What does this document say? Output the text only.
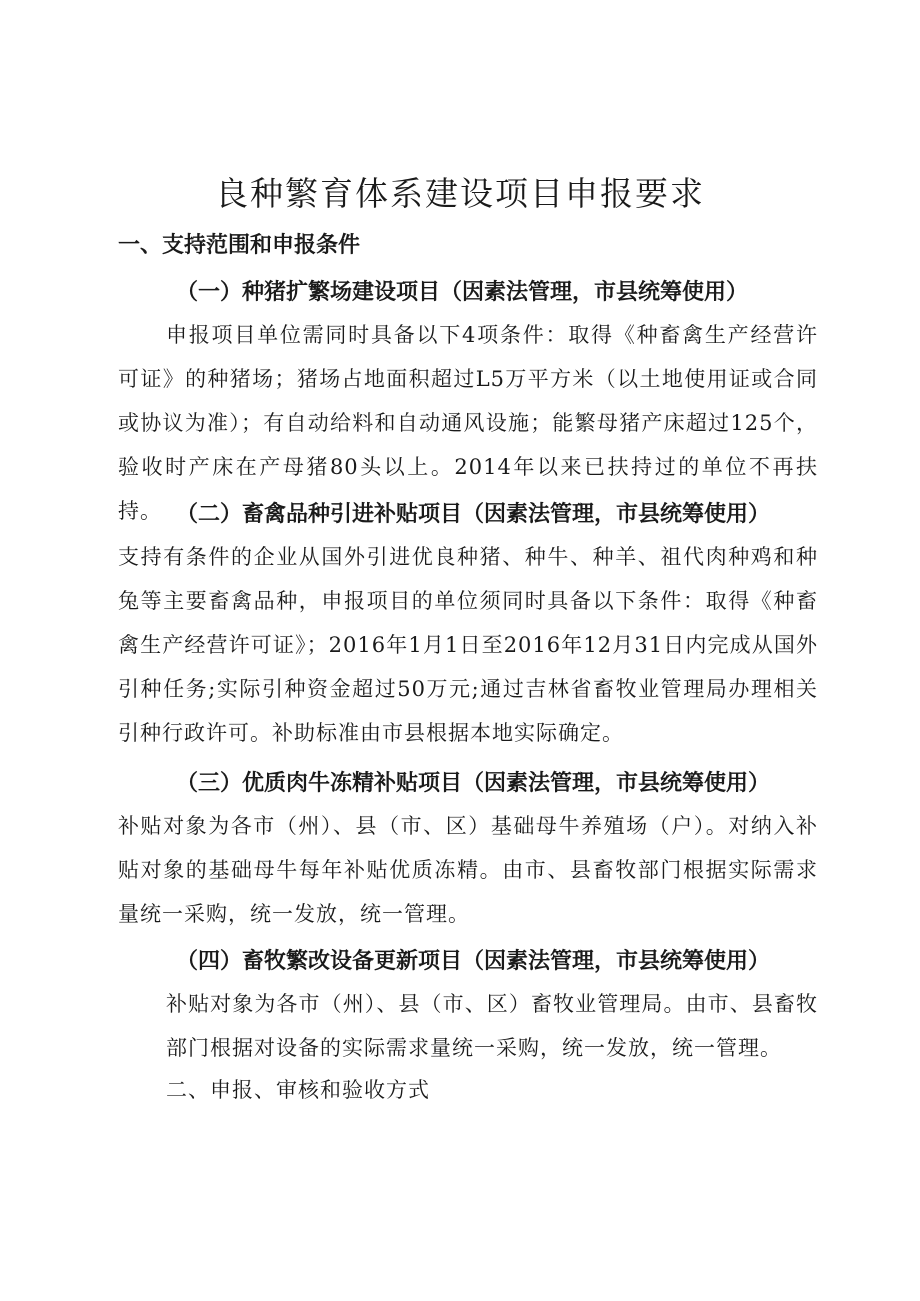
良种繁育体系建设项目申报要求
一、支持范围和申报条件
（一）种猪扩繁场建设项目（因素法管理，市县统筹使用）
申报项目单位需同时具备以下4项条件：取得《种畜禽生产经营许可证》的种猪场；猪场占地面积超过L5万平方米（以土地使用证或合同或协议为准）；有自动给料和自动通风设施；能繁母猪产床超过125个，验收时产床在产母猪80头以上。2014年以来已扶持过的单位不再扶持。 （二）畜禽品种引进补贴项目（因素法管理，市县统筹使用）
支持有条件的企业从国外引进优良种猪、种牛、种羊、祖代肉种鸡和种兔等主要畜禽品种，申报项目的单位须同时具备以下条件：取得《种畜禽生产经营许可证》；2016年1月1日至2016年12月31日内完成从国外引种任务;实际引种资金超过50万元;通过吉林省畜牧业管理局办理相关引种行政许可。补助标准由市县根据本地实际确定。
（三）优质肉牛冻精补贴项目（因素法管理，市县统筹使用）
补贴对象为各市（州）、县（市、区）基础母牛养殖场（户）。对纳入补贴对象的基础母牛每年补贴优质冻精。由市、县畜牧部门根据实际需求量统一采购，统一发放，统一管理。
（四）畜牧繁改设备更新项目（因素法管理，市县统筹使用）
补贴对象为各市（州）、县（市、区）畜牧业管理局。由市、县畜牧部门根据对设备的实际需求量统一采购，统一发放，统一管理。
二、申报、审核和验收方式
